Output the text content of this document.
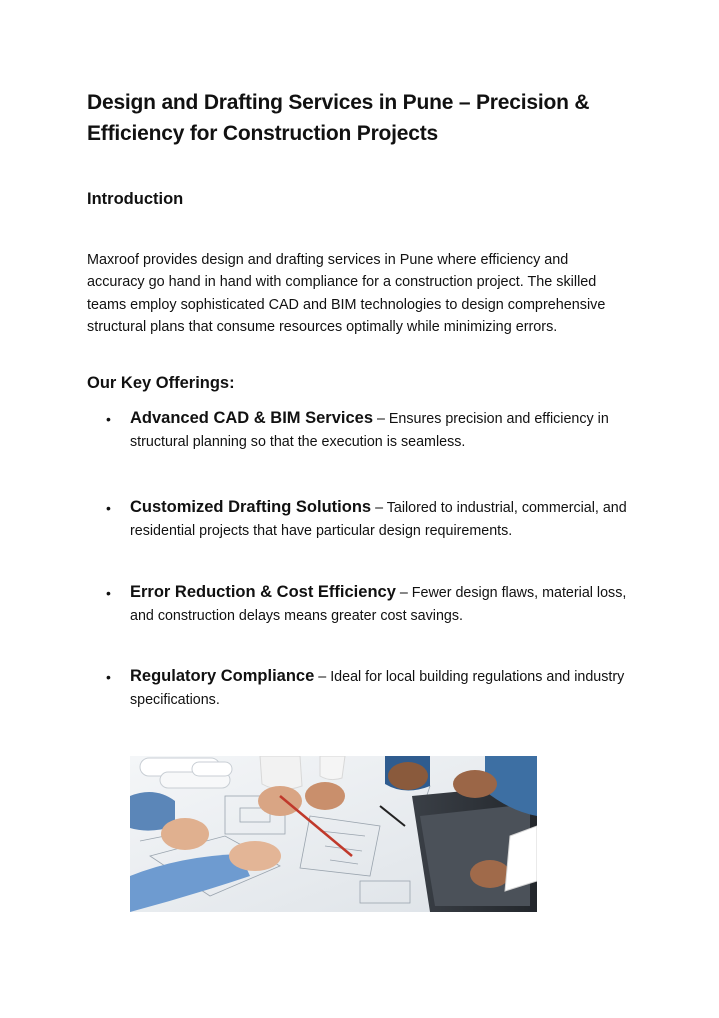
Design and Drafting Services in Pune – Precision & Efficiency for Construction Projects
Introduction

Maxroof provides design and drafting services in Pune where efficiency and accuracy go hand in hand with compliance for a construction project. The skilled teams employ sophisticated CAD and BIM technologies to design comprehensive structural plans that consume resources optimally while minimizing errors.

Our Key Offerings:
• Advanced CAD & BIM Services – Ensures precision and efficiency in structural planning so that the execution is seamless.

• Customized Drafting Solutions – Tailored to industrial, commercial, and residential projects that have particular design requirements.

• Error Reduction & Cost Efficiency – Fewer design flaws, material loss, and construction delays means greater cost savings.

• Regulatory Compliance – Ideal for local building regulations and industry specifications.
